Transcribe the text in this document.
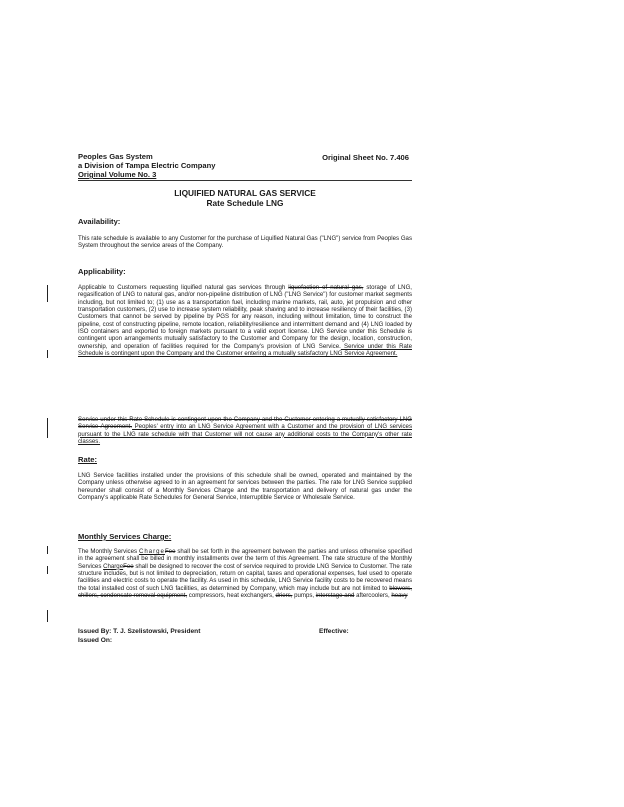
Peoples Gas System
a Division of Tampa Electric Company
Original Volume No. 3
Original Sheet No. 7.406
LIQUIFIED NATURAL GAS SERVICE
Rate Schedule LNG
Availability:

This rate schedule is available to any Customer for the purchase of Liquified Natural Gas ("LNG") service from Peoples Gas System throughout the service areas of the Company.

Applicability:

Applicable to Customers requesting liquified natural gas services through liquefaction of natural gas, storage of LNG, regasification of LNG to natural gas, and/or non-pipeline distribution of LNG ("LNG Service") for customer market segments including, but not limited to; (1) use as a transportation fuel, including marine markets, rail, auto, jet propulsion and other transportation customers, (2) use to increase system reliability, peak shaving and to increase resiliency of their facilities, (3) Customers that cannot be served by pipeline by PGS for any reason, including without limitation, time to construct the pipeline, cost of constructing pipeline, remote location, reliability/resilience and intermittent demand and (4) LNG loaded by ISO containers and exported to foreign markets pursuant to a valid export license. LNG Service under this Schedule is contingent upon arrangements mutually satisfactory to the Customer and Company for the design, location, construction, ownership, and operation of facilities required for the Company's provision of LNG Service. Service under this Rate Schedule is contingent upon the Company and the Customer entering a mutually satisfactory LNG Service Agreement.

Service under this Rate Schedule is contingent upon the Company and the Customer entering a mutually satisfactory LNG Service Agreement. Peoples' entry into an LNG Service Agreement with a Customer and the provision of LNG services pursuant to the LNG rate schedule with that Customer will not cause any additional costs to the Company's other rate classes.

Rate:

LNG Service facilities installed under the provisions of this schedule shall be owned, operated and maintained by the Company unless otherwise agreed to in an agreement for services between the parties. The rate for LNG Service supplied hereunder shall consist of a Monthly Services Charge and the transportation and delivery of natural gas under the Company's applicable Rate Schedules for General Service, Interruptible Service or Wholesale Service.

Monthly Services Charge:

The Monthly Services ChargeFee shall be set forth in the agreement between the parties and unless otherwise specified in the agreement shall be billed in monthly installments over the term of this Agreement. The rate structure of the Monthly Services ChargeFee shall be designed to recover the cost of service required to provide LNG Service to Customer. The rate structure includes, but is not limited to depreciation, return on capital, taxes and operational expenses, fuel used to operate facilities and electric costs to operate the facility. As used in this schedule, LNG Service facility costs to be recovered means the total installed cost of such LNG facilities, as determined by Company, which may include but are not limited to blowers, chillers, condensate removal equipment, compressors, heat exchangers, driers, pumps, interstage and aftercoolers, heavy

Issued By: T. J. Szelistowski, President	Effective:
Issued On:
